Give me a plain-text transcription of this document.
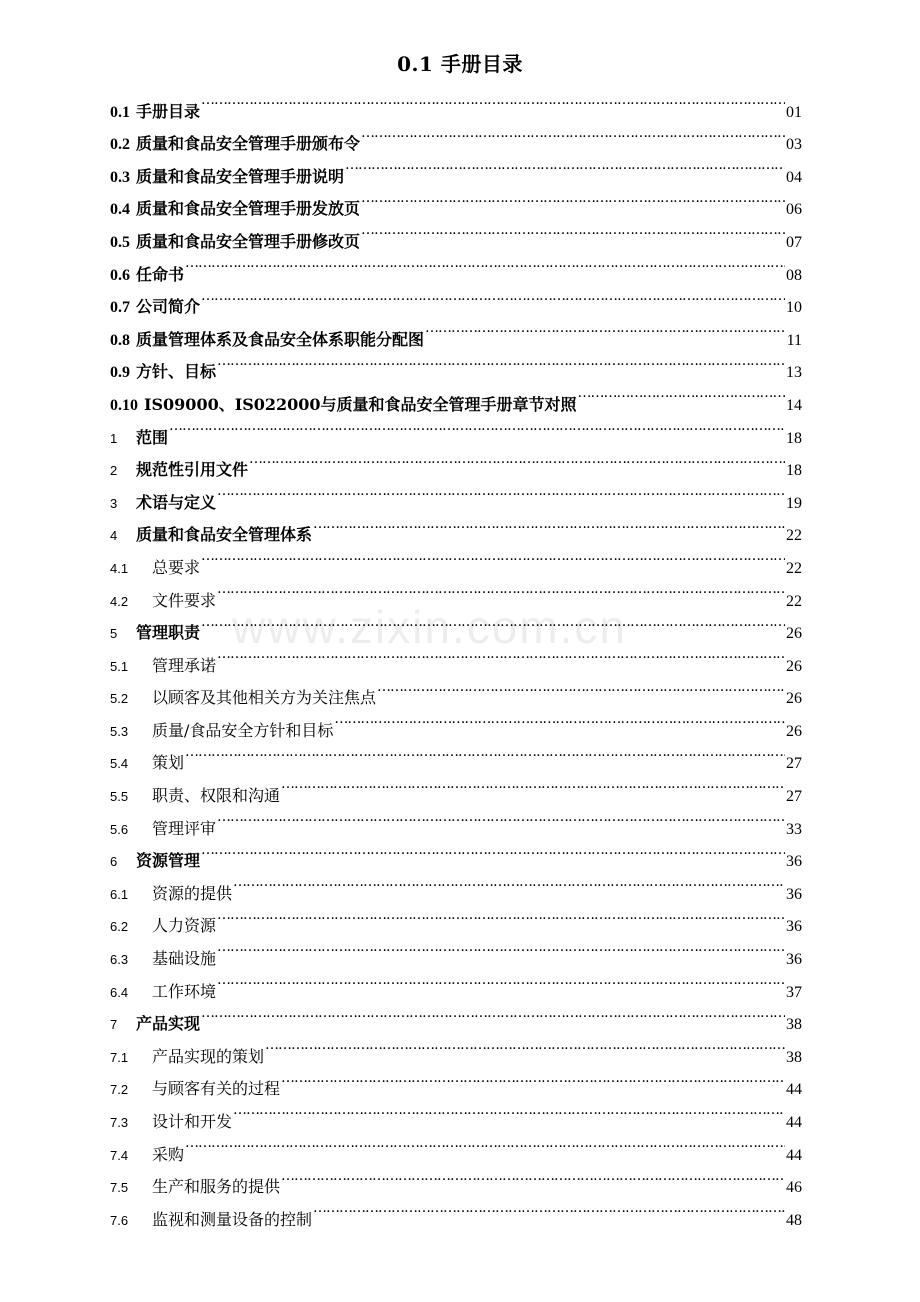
0.1 手册目录
www.zixin.com.cn
0.1 手册目录 ……………………………………………………………………………………………………………………………………………………………………………………………………	01
0.2 质量和食品安全管理手册颁布令 ……………………………………………………………………………………………………………………………………………………………………………………………………	03
0.3 质量和食品安全管理手册说明 ……………………………………………………………………………………………………………………………………………………………………………………………………	04
0.4 质量和食品安全管理手册发放页 ……………………………………………………………………………………………………………………………………………………………………………………………………	06
0.5 质量和食品安全管理手册修改页 ……………………………………………………………………………………………………………………………………………………………………………………………………	07
0.6 任命书 ……………………………………………………………………………………………………………………………………………………………………………………………………	08
0.7 公司简介 ……………………………………………………………………………………………………………………………………………………………………………………………………	10
0.8 质量管理体系及食品安全体系职能分配图 ……………………………………………………………………………………………………………………………………………………………………………………………………	11
0.9 方针、目标 ……………………………………………………………………………………………………………………………………………………………………………………………………	13
0.10 IS09000、IS022000与质量和食品安全管理手册章节对照 ……………………………………………………………………………………………………………………………………………………………………………………………………	14
1	范围 ……………………………………………………………………………………………………………………………………………………………………………………………………	18
2	规范性引用文件 ……………………………………………………………………………………………………………………………………………………………………………………………………	18
3	术语与定义 ……………………………………………………………………………………………………………………………………………………………………………………………………	19
4	质量和食品安全管理体系 ……………………………………………………………………………………………………………………………………………………………………………………………………	22
4.1	总要求 ……………………………………………………………………………………………………………………………………………………………………………………………………	22
4.2	文件要求 ……………………………………………………………………………………………………………………………………………………………………………………………………	22
5	管理职责 ……………………………………………………………………………………………………………………………………………………………………………………………………	26
5.1	管理承诺 ……………………………………………………………………………………………………………………………………………………………………………………………………	26
5.2	以顾客及其他相关方为关注焦点 ……………………………………………………………………………………………………………………………………………………………………………………………………	26
5.3	质量/食品安全方针和目标 ……………………………………………………………………………………………………………………………………………………………………………………………………	26
5.4	策划 ……………………………………………………………………………………………………………………………………………………………………………………………………	27
5.5	职责、权限和沟通 ……………………………………………………………………………………………………………………………………………………………………………………………………	27
5.6	管理评审 ……………………………………………………………………………………………………………………………………………………………………………………………………	33
6	资源管理 ……………………………………………………………………………………………………………………………………………………………………………………………………	36
6.1	资源的提供 ……………………………………………………………………………………………………………………………………………………………………………………………………	36
6.2	人力资源 ……………………………………………………………………………………………………………………………………………………………………………………………………	36
6.3	基础设施 ……………………………………………………………………………………………………………………………………………………………………………………………………	36
6.4	工作环境 ……………………………………………………………………………………………………………………………………………………………………………………………………	37
7	产品实现 ……………………………………………………………………………………………………………………………………………………………………………………………………	38
7.1	产品实现的策划 ……………………………………………………………………………………………………………………………………………………………………………………………………	38
7.2	与顾客有关的过程 ……………………………………………………………………………………………………………………………………………………………………………………………………	44
7.3	设计和开发 ……………………………………………………………………………………………………………………………………………………………………………………………………	44
7.4	采购 ……………………………………………………………………………………………………………………………………………………………………………………………………	44
7.5	生产和服务的提供 ……………………………………………………………………………………………………………………………………………………………………………………………………	46
7.6	监视和测量设备的控制 ……………………………………………………………………………………………………………………………………………………………………………………………………	48
